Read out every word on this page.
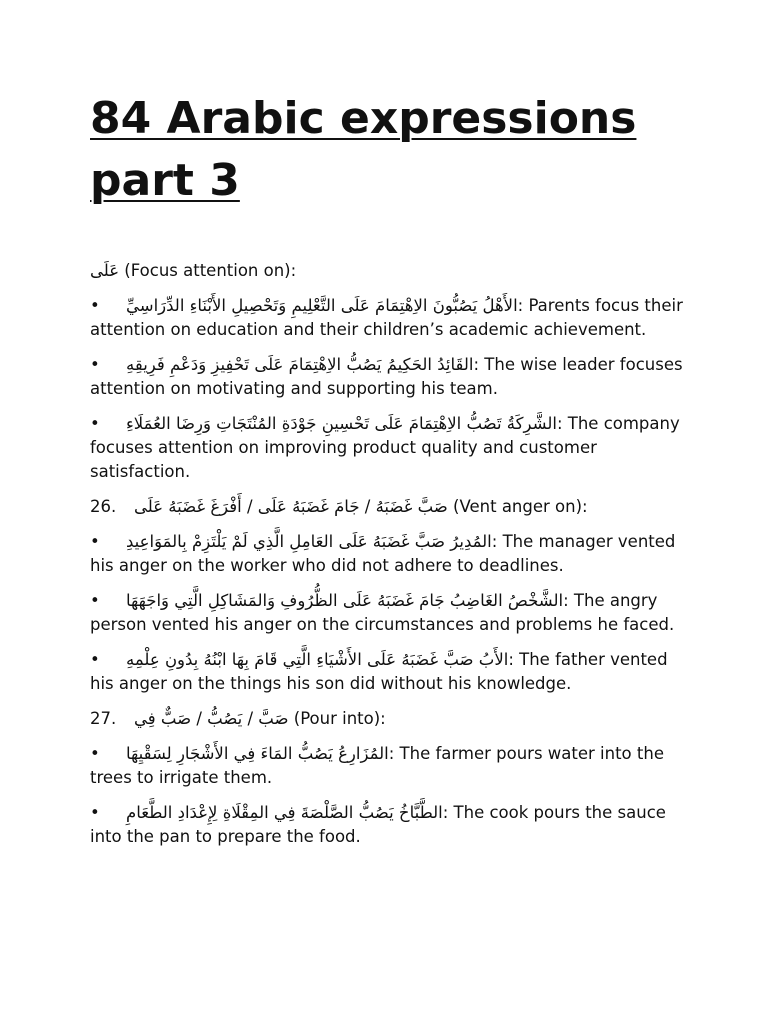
84 Arabic expressions
part 3

عَلَى (Focus attention on):

• الأَهْلُ يَصُبُّونَ الاِهْتِمَامَ عَلَى التَّعْلِيمِ وَتَحْصِيلِ الأَبْنَاءِ الدِّرَاسِيِّ: Parents focus their attention on education and their children’s academic achievement.

• القَائِدُ الحَكِيمُ يَصُبُّ الاِهْتِمَامَ عَلَى تَحْفِيزِ وَدَعْمِ فَرِيقِهِ: The wise leader focuses attention on motivating and supporting his team.

• الشَّرِكَةُ تَصُبُّ الاِهْتِمَامَ عَلَى تَحْسِينِ جَوْدَةِ المُنْتَجَاتِ وَرِضَا العُمَلَاءِ: The company focuses attention on improving product quality and customer satisfaction.

26. صَبَّ غَضَبَهُ / جَامَ غَضَبَهُ عَلَى / أَفْرَغَ غَضَبَهُ عَلَى (Vent anger on):

• المُدِيرُ صَبَّ غَضَبَهُ عَلَى العَامِلِ الَّذِي لَمْ يَلْتَزِمْ بِالمَوَاعِيدِ: The manager vented his anger on the worker who did not adhere to deadlines.

• الشَّخْصُ الغَاضِبُ جَامَ غَضَبَهُ عَلَى الظُّرُوفِ وَالمَشَاكِلِ الَّتِي وَاجَهَهَا: The angry person vented his anger on the circumstances and problems he faced.

• الأَبُ صَبَّ غَضَبَهُ عَلَى الأَشْيَاءِ الَّتِي قَامَ بِهَا ابْنُهُ بِدُونِ عِلْمِهِ: The father vented his anger on the things his son did without his knowledge.

27. صَبَّ / يَصُبُّ / صَبٌّ فِي (Pour into):

• المُزَارِعُ يَصُبُّ المَاءَ فِي الأَشْجَارِ لِسَقْيِهَا: The farmer pours water into the trees to irrigate them.

• الطَّبَّاخُ يَصُبُّ الصَّلْصَةَ فِي المِقْلَاةِ لِإِعْدَادِ الطَّعَامِ: The cook pours the sauce into the pan to prepare the food.
